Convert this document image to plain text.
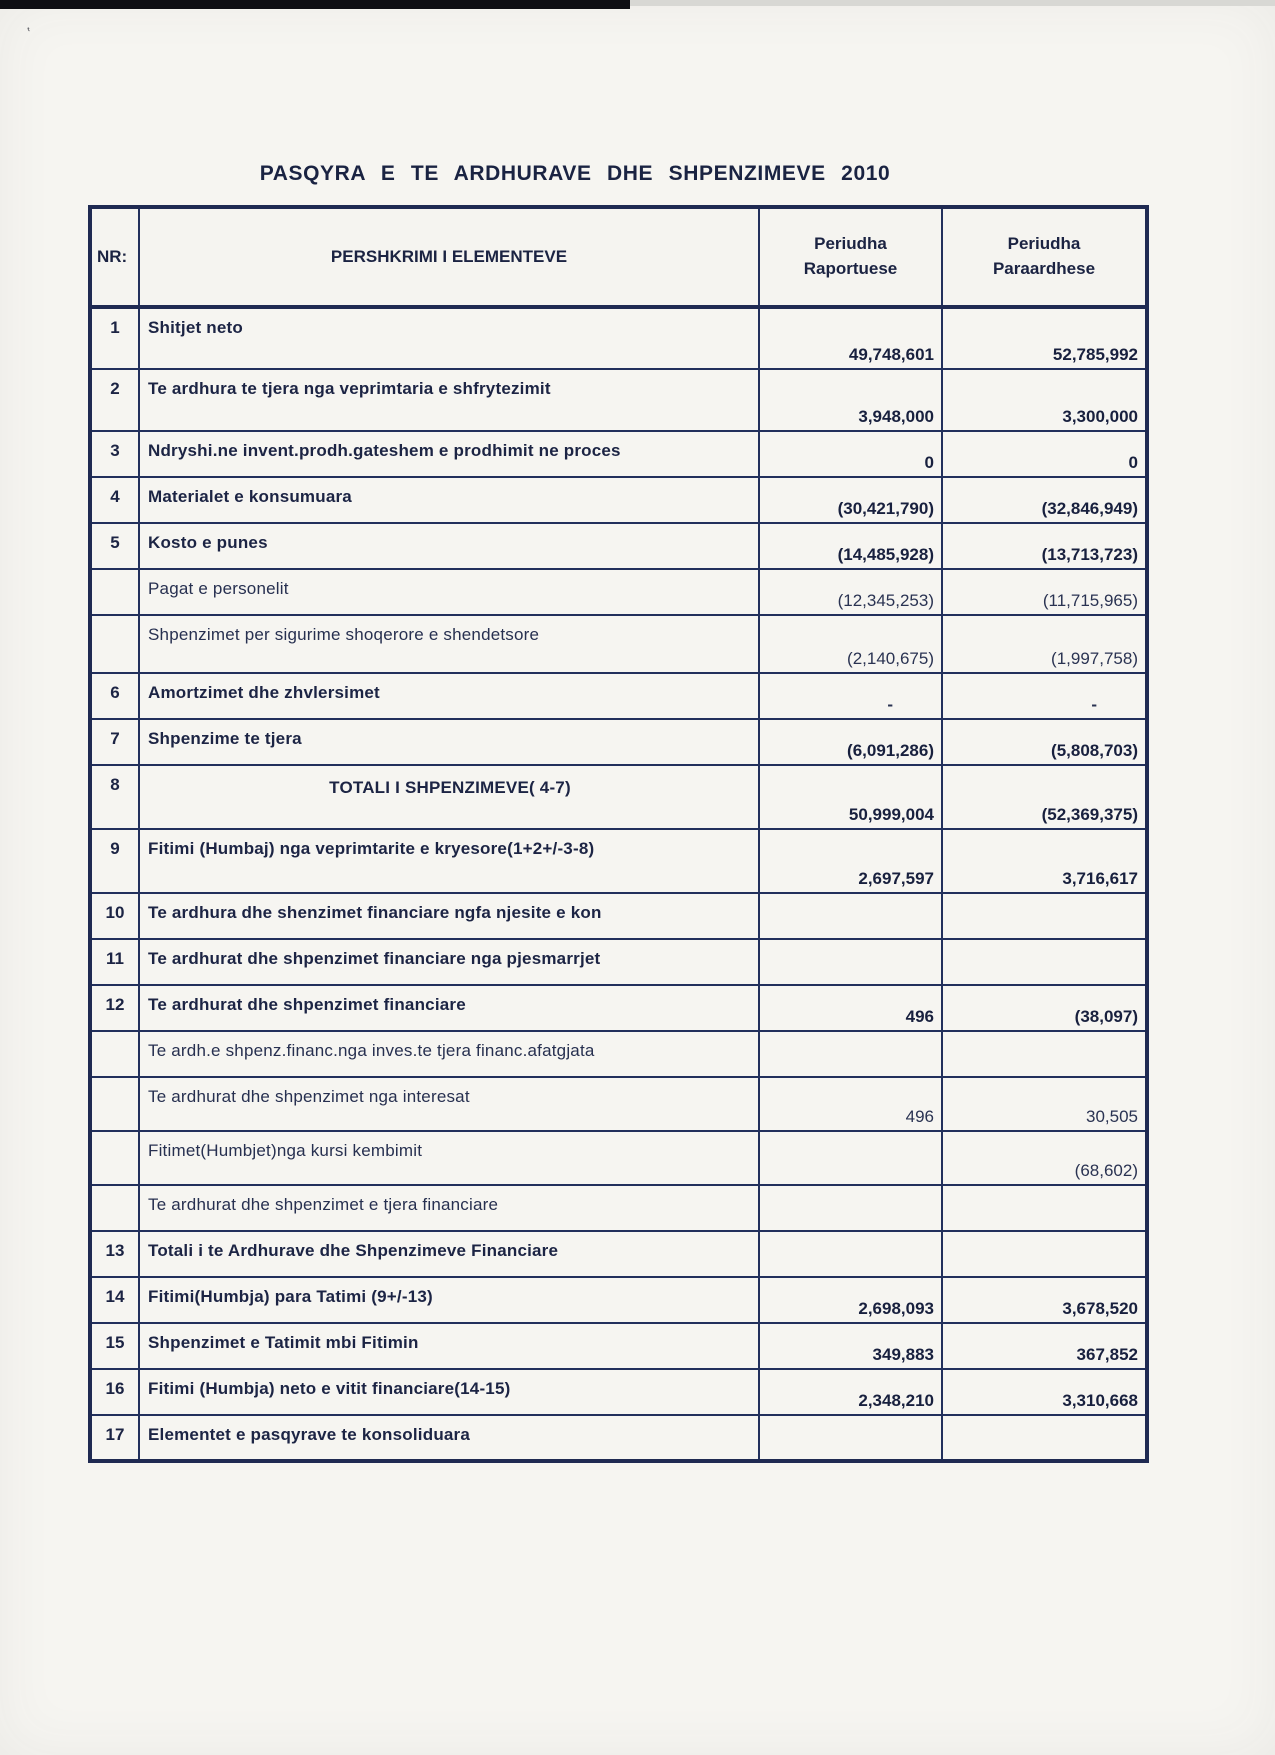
‛
PASQYRA E TE ARDHURAVE DHE SHPENZIMEVE 2010
NR:	PERSHKRIMI I ELEMENTEVE	Periudha Raportuese	Periudha Paraardhese
1	Shitjet neto	49,748,601	52,785,992
2	Te ardhura te tjera nga veprimtaria e shfrytezimit	3,948,000	3,300,000
3	Ndryshi.ne invent.prodh.gateshem e prodhimit ne proces	0	0
4	Materialet e konsumuara	(30,421,790)	(32,846,949)
5	Kosto e punes	(14,485,928)	(13,713,723)
	Pagat e personelit	(12,345,253)	(11,715,965)
	Shpenzimet per sigurime shoqerore e shendetsore	(2,140,675)	(1,997,758)
6	Amortzimet dhe zhvlersimet	-	-
7	Shpenzime te tjera	(6,091,286)	(5,808,703)
8	TOTALI I SHPENZIMEVE( 4-7)	50,999,004	(52,369,375)
9	Fitimi (Humbaj) nga veprimtarite e kryesore(1+2+/-3-8)	2,697,597	3,716,617
10	Te ardhura dhe shenzimet financiare ngfa njesite e kon		
11	Te ardhurat dhe shpenzimet financiare nga pjesmarrjet		
12	Te ardhurat dhe shpenzimet financiare	496	(38,097)
	Te ardh.e shpenz.financ.nga inves.te tjera financ.afatgjata		
	Te ardhurat dhe shpenzimet nga interesat	496	30,505
	Fitimet(Humbjet)nga kursi kembimit		(68,602)
	Te ardhurat dhe shpenzimet e tjera financiare		
13	Totali i te Ardhurave dhe Shpenzimeve Financiare		
14	Fitimi(Humbja) para Tatimi (9+/-13)	2,698,093	3,678,520
15	Shpenzimet e Tatimit mbi Fitimin	349,883	367,852
16	Fitimi (Humbja) neto e vitit financiare(14-15)	2,348,210	3,310,668
17	Elementet e pasqyrave te konsoliduara		
